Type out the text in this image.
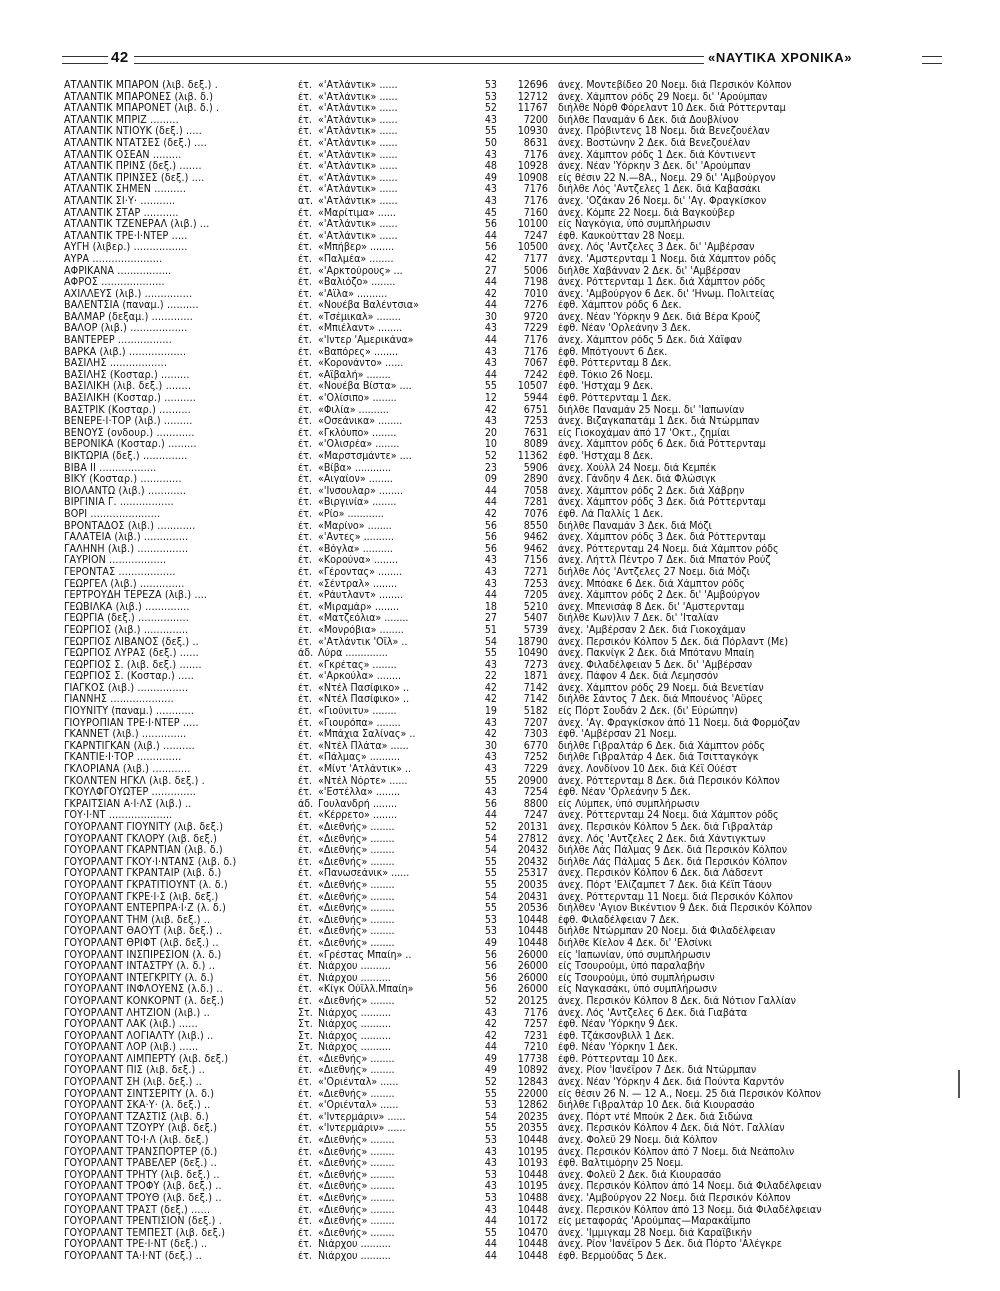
42	«ΝΑΥΤΙΚΑ ΧΡΟΝΙΚΑ»
ΑΤΛΑΝΤΙΚ ΜΠΑΡΟΝ (λιβ. δεξ.) .	έτ. «'Ατλάντικ» ......	53	12696 άνεχ. Μοντεβίδεο 20 Νοεμ. διά Περσικόν Κόλπον
ΑΤΛΑΝΤΙΚ ΜΠΑΡΟΝΕΣ (λιβ. δ.)	έτ. «'Ατλάντικ» ......	53	12712 άνεχ. Χάμπτον ρόδς 29 Νοεμ. δι' 'Αρούμπαν
ΑΤΛΑΝΤΙΚ ΜΠΑΡΟΝΕΤ (λιβ. δ.) .	έτ. «'Ατλάντικ» ......	52	11767 διήλθε Νόρθ Φόρελαντ 10 Δεκ. διά Ρόττερνταμ
ΑΤΛΑΝΤΙΚ ΜΠΡΙΖ .........	έτ. «'Ατλάντικ» ......	43	7200 διήλθε Παναμάν 6 Δεκ. διά Δουβλίνον
ΑΤΛΑΝΤΙΚ ΝΤΙΟΥΚ (δεξ.) .....	έτ. «'Ατλάντικ» ......	55	10930 άνεχ. Πρόβιντενς 18 Νοεμ. διά Βενεζουέλαν
ΑΤΛΑΝΤΙΚ ΝΤΑΤΣΕΣ (δεξ.) ....	έτ. «'Ατλάντικ» ......	50	8631 άνεχ. Βοστώνην 2 Δεκ. διά Βενεζουέλαν
ΑΤΛΑΝΤΙΚ ΟΣΕΑΝ .........	έτ. «'Ατλάντικ» ......	43	7176 άνεχ. Χάμπτον ρόδς 1 Δεκ. διά Κόντινεντ
ΑΤΛΑΝΤΙΚ ΠΡΙΝΣ (δεξ.) .......	έτ. «'Ατλάντικ» ......	48	10928 άνεχ. Νέαν 'Υόρκην 3 Δεκ. δι' 'Αρούμπαν
ΑΤΛΑΝΤΙΚ ΠΡΙΝΣΕΣ (δεξ.) ....	έτ. «'Ατλάντικ» ......	49	10908 είς θέσιν 22 Ν.—8Α., Νοεμ. 29 δι' 'Αμβούργον
ΑΤΛΑΝΤΙΚ ΣΗΜΕΝ ..........	έτ. «'Ατλάντικ» ......	43	7176 διήλθε Λός 'Αντζελες 1 Δεκ. διά Καβασάκι
ΑΤΛΑΝΤΙΚ ΣΙ·Υ· ...........	ατ. «'Ατλάντικ» ......	43	7176 άνεχ. 'Οζάκαν 26 Νοεμ. δι' 'Αγ. Φραγκίσκον
ΑΤΛΑΝΤΙΚ ΣΤΑΡ ...........	έτ. «Μαρίτιμα» ......	45	7160 άνεχ. Κόμπε 22 Νοεμ. διά Βαγκούβερ
ΑΤΛΑΝΤΙΚ ΤΖΕΝΕΡΑΛ (λιβ.) ...	έτ. «'Ατλάντικ» ......	56	10100 είς Ναγκόγια, ύπό συμπλήρωσιν
ΑΤΛΑΝΤΙΚ ΤΡΕ·Ι·ΝΤΕΡ .....	έτ. «'Ατλάντικ» ......	44	7247 έφθ. Καυκούτταν 28 Νοεμ.
ΑΥΓΗ (λιβερ.) .................	έτ. «Μπήβερ» ........	56	10500 άνεχ. Λός 'Αντζελες 3 Δεκ. δι' 'Αμβέρσαν
ΑΥΡΑ ......................	έτ. «Παλμέα» ........	42	7177 άνεχ. 'Αμστερνταμ 1 Νοεμ. διά Χάμπτον ρόδς
ΑΦΡΙΚΑΝΑ .................	έτ. «'Αρκτούρους» ...	27	5006 διήλθε Χαβάνναν 2 Δεκ. δι' 'Αμβέρσαν
ΑΦΡΟΣ ....................	έτ. «Βαλιόζο» ........	44	7198 άνεχ. Ρόττερνταμ 1 Δεκ. διά Χάμπτον ρόδς
ΑΧΙΛΛΕΥΣ (λιβ.) ...............	έτ. «'Αϊλα» ..........	42	7010 άνεχ. 'Αμβούργον 6 Δεκ. δι' 'Ηνωμ. Πολιτείας
ΒΑΛΕΝΤΣΙΑ (παναμ.) ..........	έτ. «Νουέβα Βαλέντσια»	44	7276 έφθ. Χάμπτον ρόδς 6 Δεκ.
ΒΑΛΜΑΡ (δεξαμ.) .............	έτ. «Τσέμικαλ» ........	30	9720 άνεχ. Νέαν 'Υόρκην 9 Δεκ. διά Βέρα Κρούζ
ΒΑΛΟΡ (λιβ.) ..................	έτ. «Μπιέλαντ» ........	43	7229 έφθ. Νέαν 'Ορλεάνην 3 Δεκ.
ΒΑΝΤΕΡΕΡ .................	έτ. «'Ιντερ 'Αμερικάνα»	44	7176 άνεχ. Χάμπτον ρόδς 5 Δεκ. διά Χάϊφαν
ΒΑΡΚΑ (λιβ.) ..................	έτ. «Βαπόρες» ........	43	7176 έφθ. Μπότγουντ 6 Δεκ.
ΒΑΣΙΛΗΣ ..................	έτ. «Κορονάντο» ......	43	7067 έφθ. Ρόττερνταμ 8 Δεκ.
ΒΑΣΙΛΗΣ (Κοσταρ.) .........	έτ. «Αϊβαλή» ........	44	7242 έφθ. Τόκιο 26 Νοεμ.
ΒΑΣΙΛΙΚΗ (λιβ. δεξ.) ........	έτ. «Νουέβα Βίστα» ....	55	10507 έφθ. 'Ηστχαμ 9 Δεκ.
ΒΑΣΙΛΙΚΗ (Κοσταρ.) ..........	έτ. «'Ολίσιπο» ........	12	5944 έφθ. Ρόττερνταμ 1 Δεκ.
ΒΑΣΤΡΙΚ (Κοσταρ.) ..........	έτ. «Φιλία» ..........	42	6751 διήλθε Παναμάν 25 Νοεμ. δι' 'Ιαπωνίαν
ΒΕΝΕΡΕ·Ι·ΤΟΡ (λιβ.) .........	έτ. «Οσεάνικα» ........	43	7253 άνεχ. Βιζαγκαπατάμ 1 Δεκ. διά Ντώρμπαν
ΒΕΝΟΥΣ (ονδουρ.) ............	έτ. «Γκλόυπο» ........	20	7631 είς Γιοκοχάμαν άπό 17 'Οκτ., ζημίαι
ΒΕΡΟΝΙΚΑ (Κοσταρ.) .........	έτ. «'Ολισρέα» ........	10	8089 άνεχ. Χάμπτον ρόδς 6 Δεκ. διά Ρόττερνταμ
ΒΙΚΤΩΡΙΑ (δεξ.) ..............	έτ. «Μαρστσμάντε» ....	52	11362 έφθ. 'Ηστχαμ 8 Δεκ.
ΒΙΒΑ ΙΙ ..................	έτ. «Βίβα» ............	23	5906 άνεχ. Χούλλ 24 Νοεμ. διά Κεμπέκ
ΒΙΚΥ (Κοσταρ.) .............	έτ. «Αιγαίον» ........	09	2890 άνεχ. Γάνδην 4 Δεκ. διά Φλώσιγκ
ΒΙΟΛΑΝΤΩ (λιβ.) ............	έτ. «'Ινσουλαρ» ........	44	7058 άνεχ. Χάμπτον ρόδς 2 Δεκ. διά Χάβρην
ΒΙΡΓΙΝΙΑ Γ. .................	έτ. «Βιργινία» ........	44	7281 άνεχ. Χάμπτον ρόδς 3 Δεκ. διά Ρόττερνταμ
ΒΟΡΙ ......................	έτ. «Ρίο» ............	42	7076 έφθ. Λά Παλλίς 1 Δεκ.
ΒΡΟΝΤΑΔΟΣ (λιβ.) ............	έτ. «Μαρίνο» ........	56	8550 διήλθε Παναμάν 3 Δεκ. διά Μόζι
ΓΑΛΑΤΕΙΑ (λιβ.) ..............	έτ. «'Αντες» ..........	56	9462 άνεχ. Χάμπτον ρόδς 3 Δεκ. διά Ρόττερνταμ
ΓΑΛΗΝΗ (λιβ.) ................	έτ. «Βόγλα» ..........	56	9462 άνεχ. Ρόττερνταμ 24 Νοεμ. διά Χάμπτον ρόδς
ΓΑΥΡΙΟΝ ..................	έτ. «Κορούνα» ........	43	7156 άνεχ. Λήττλ Πέντρο 7 Δεκ. διά Μπατόν Ρούζ
ΓΕΡΟΝΤΑΣ ..................	έτ. «Γέροντας» ........	43	7271 διήλθε Λός 'Αντζελες 27 Νοεμ. διά Μόζι
ΓΕΩΡΓΕΛ (λιβ.) ..............	έτ. «Σέντραλ» ........	43	7253 άνεχ. Μπόακε 6 Δεκ. διά Χάμπτον ρόδς
ΓΕΡΤΡΟΥΔΗ ΤΕΡΕΖΑ (λιβ.) ....	έτ. «Ράυτλαντ» ........	44	7205 άνεχ. Χάμπτον ρόδς 2 Δεκ. δι' 'Αμβούργον
ΓΕΩΒΙΛΚΑ (λιβ.) ..............	έτ. «Μιραμάρ» ........	18	5210 άνεχ. Μπενισάφ 8 Δεκ. δι' 'Αμστερνταμ
ΓΕΩΡΓΙΑ (δεξ.) ................	έτ. «Ματζεόλια» ........	27	5407 διήλθε Κων)λιν 7 Δεκ. δι' 'Ιταλίαν
ΓΕΩΡΓΙΟΣ (λιβ.) ..............	έτ. «Μονρόβια» ........	51	5739 άνεχ. 'Αμβέρσαν 2 Δεκ. διά Γιοκοχάμαν
ΓΕΩΡΓΙΟΣ ΛΙΒΑΝΟΣ (δεξ.) ..	έτ. «'Ατλάντικ 'Οϊλ» ..	54	18790 άνεχ. Περσικόν Κόλπον 5 Δεκ. διά Πόρλαντ (Με)
ΓΕΩΡΓΙΟΣ ΛΥΡΑΣ (δεξ.) ......	άδ. Λύρα ..............	55	10490 άνεχ. Πακνίγκ 2 Δεκ. διά Μπότανυ Μπαίη
ΓΕΩΡΓΙΟΣ Σ. (λιβ. δεξ.) .......	έτ. «Γκρέτας» ........	43	7273 άνεχ. Φιλαδέλφειαν 5 Δεκ. δι' 'Αμβέρσαν
ΓΕΩΡΓΙΟΣ Σ. (Κοσταρ.) .....	έτ. «'Αρκούλα» ........	22	1871 άνεχ. Πάφον 4 Δεκ. διά Λεμησσόν
ΓΙΑΓΚΟΣ (λιβ.) ................	έτ. «Ντέλ Πασίφικο» ..	42	7142 άνεχ. Χάμπτον ρόδς 29 Νοεμ. διά Βενετίαν
ΓΙΑΝΝΗΣ ....................	έτ. «Ντέλ Πασίφικο» ..	42	7142 διήλθε Σάντος 7 Δεκ. διά Μπουένος 'Αϋρες
ΓΙΟΥΝΙΤΥ (παναμ.) ............	έτ. «Γιούνιτυ» ........	19	5182 είς Πόρτ Σουδάν 2 Δεκ. (δι' Εύρώπην)
ΓΙΟΥΡΟΠΙΑΝ ΤΡΕ·Ι·ΝΤΕΡ .....	έτ. «Γιουρόπα» ........	43	7207 άνεχ. 'Αγ. Φραγκίσκον άπό 11 Νοεμ. διά Φορμόζαν
ΓΚΑΝΝΕΤ (λιβ.) ..............	έτ. «Μπάχια Σαλίνας» ..	42	7303 έφθ. 'Αμβέρσαν 21 Νοεμ.
ΓΚΑΡΝΤΙΓΚΑΝ (λιβ.) ..........	έτ. «Ντέλ Πλάτα» ......	30	6770 διήλθε Γιβραλτάρ 6 Δεκ. διά Χάμπτον ρόδς
ΓΚΑΝΤΙΕ·Ι·ΤΟΡ ..............	έτ. «Πάλμας» ..........	43	7252 διήλθε Γιβραλτάρ 4 Δεκ. διά Τσιτταγκόγκ
ΓΚΛΟΡΙΑΝΑ (λιβ.) ............	έτ. «Μίντ 'Ατλάντικ» ..	43	7229 άνεχ. Λονδίνον 10 Δεκ. διά Κέϊ Ούέστ
ΓΚΟΛΝΤΕΝ ΗΓΚΛ (λιβ. δεξ.) .	έτ. «Ντέλ Νόρτε» ......	55	20900 άνεχ. Ρόττερνταμ 8 Δεκ. διά Περσικόν Κόλπον
ΓΚΟΥΛΦΓΟΥΩΤΕΡ ..............	έτ. «'Εστέλλα» ........	43	7254 έφθ. Νέαν 'Ορλεάνην 5 Δεκ.
ΓΚΡΑΙΤΣΙΑΝ Α·Ι·ΛΣ (λιβ.) ..	άδ. Γουλανδρή ........	56	8800 είς Λύμπεκ, ύπό συμπλήρωσιν
ΓΟΥ·Ι·ΝΤ ....................	έτ. «Κέρρετο» ........	44	7247 άνεχ. Ρόττερνταμ 24 Νοεμ. διά Χάμπτον ρόδς
ΓΟΥΟΡΛΑΝΤ ΓΙΟΥΝΙΤΥ (λιβ. δεξ.)	έτ. «Διεθνής» ........	52	20131 άνεχ. Περσικόν Κόλπον 5 Δεκ. διά Γιβραλτάρ
ΓΟΥΟΡΛΑΝΤ ΓΚΛΟΡΥ (λιβ. δεξ.)	έτ. «Διεθνής» ........	54	27812 άνεχ. Λός 'Αντζελες 2 Δεκ. διά Χάντιγκτων
ΓΟΥΟΡΛΑΝΤ ΓΚΑΡΝΤΙΑΝ (λιβ. δ.)	έτ. «Διεθνής» ........	54	20432 διήλθε Λάς Πάλμας 9 Δεκ. διά Περσικόν Κόλπον
ΓΟΥΟΡΛΑΝΤ ΓΚΟΥ·Ι·ΝΤΑΝΣ (λιβ. δ.)	έτ. «Διεθνής» ........	55	20432 διήλθε Λάς Πάλμας 5 Δεκ. διά Περσικόν Κόλπον
ΓΟΥΟΡΛΑΝΤ ΓΚΡΑΝΤΑΙΡ (λιβ. δ.)	έτ. «Πανωσεάνικ» ......	55	25317 άνεχ. Περσικόν Κόλπον 6 Δεκ. διά Λάδσεντ
ΓΟΥΟΡΛΑΝΤ ΓΚΡΑΤΙΤΙΟΥΝΤ (λ. δ.)	έτ. «Διεθνής» ........	55	20035 άνεχ. Πόρτ 'Ελίζαμπετ 7 Δεκ. διά Κέϊπ Τάουν
ΓΟΥΟΡΛΑΝΤ ΓΚΡΕ·Ι·Σ (λιβ. δεξ.)	έτ. «Διεθνής» ........	54	20431 άνεχ. Ρόττερνταμ 11 Νοεμ. διά Περσικόν Κόλπον
ΓΟΥΟΡΛΑΝΤ ΕΝΤΕΡΠΡΑ·Ι·Ζ (λ. δ.)	έτ. «Διεθνής» ........	55	20536 διήλθεν 'Αγιον Βικέντιον 9 Δεκ. διά Περσικόν Κόλπον
ΓΟΥΟΡΛΑΝΤ ΤΗΜ (λιβ. δεξ.) ..	έτ. «Διεθνής» ........	53	10448 έφθ. Φιλαδέλφειαν 7 Δεκ.
ΓΟΥΟΡΛΑΝΤ ΘΑΟΥΤ (λιβ. δεξ.) ..	έτ. «Διεθνής» ........	53	10448 διήλθε Ντώρμπαν 20 Νοεμ. διά Φιλαδέλφειαν
ΓΟΥΟΡΛΑΝΤ ΘΡΙΦΤ (λιβ. δεξ.) ..	έτ. «Διεθνής» ........	49	10448 διήλθε Κίελον 4 Δεκ. δι' 'Ελσίνκι
ΓΟΥΟΡΛΑΝΤ ΙΝΣΠΙΡΕΣΙΟΝ (λ. δ.)	έτ. «Γρέστας Μπαίη» ..	56	26000 είς 'Ιαπωνίαν, ύπό συμπλήρωσιν
ΓΟΥΟΡΛΑΝΤ ΙΝΤΑΣΤΡΥ (λ. δ.) ..	έτ. Νιάρχου ..........	56	26000 είς Τσουρούμι, ύπό παραλαβήν
ΓΟΥΟΡΛΑΝΤ ΙΝΤΕΓΚΡΙΤΥ (λ. δ.)	έτ. Νιάρχου ..........	56	26000 είς Τσουρούμι, ύπό συμπλήρωσιν
ΓΟΥΟΡΛΑΝΤ ΙΝΦΛΟΥΕΝΣ (λ.δ.) ..	έτ. «Κίγκ Ούϊλλ.Μπαίη»	56	26000 είς Ναγκασάκι, ύπό συμπλήρωσιν
ΓΟΥΟΡΛΑΝΤ ΚΟΝΚΟΡΝΤ (λ. δεξ.)	έτ. «Διεθνής» ........	52	20125 άνεχ. Περσικόν Κόλπον 8 Δεκ. διά Νότιον Γαλλίαν
ΓΟΥΟΡΛΑΝΤ ΛΗΤΖΙΟΝ (λιβ.) ..	Στ. Νιάρχος ..........	43	7176 άνεχ. Λός 'Αντζελες 6 Δεκ. διά Γιαβάτα
ΓΟΥΟΡΛΑΝΤ ΛΑΚ (λιβ.) ......	Στ. Νιάρχος ..........	42	7257 έφθ. Νέαν 'Υόρκην 9 Δεκ.
ΓΟΥΟΡΛΑΝΤ ΛΟΓΙΑΛΤΥ (λιβ.) ..	Στ. Νιάρχος ..........	42	7231 έφθ. Τζάκσονβιλλ 1 Δεκ.
ΓΟΥΟΡΛΑΝΤ ΛΟΡ (λιβ.) ......	Στ. Νιάρχος ..........	44	7210 έφθ. Νέαν 'Υόρκην 1 Δεκ.
ΓΟΥΟΡΛΑΝΤ ΛΙΜΠΕΡΤΥ (λιβ. δεξ.)	έτ. «Διεθνής» ........	49	17738 έφθ. Ρόττερνταμ 10 Δεκ.
ΓΟΥΟΡΛΑΝΤ ΠΙΣ (λιβ. δεξ.) ..	έτ. «Διεθνής» ........	49	10892 άνεχ. Ρίον 'Ιανέϊρον 7 Δεκ. διά Ντώρμπαν
ΓΟΥΟΡΛΑΝΤ ΣΗ (λιβ. δεξ.) ..	έτ. «'Οριένταλ» ......	52	12843 άνεχ. Νέαν 'Υόρκην 4 Δεκ. διά Πούντα Καρντόν
ΓΟΥΟΡΛΑΝΤ ΣΙΝΤΣΕΡΙΤΥ (λ. δ.)	έτ. «Διεθνής» ........	55	22000 είς θέσιν 26 Ν. — 12 Α., Νοεμ. 25 διά Περσικόν Κόλπον
ΓΟΥΟΡΛΑΝΤ ΣΚΑ·Υ· (λ. δεξ.) ..	έτ. «'Οριένταλ» ......	53	12862 διήλθε Γιβραλτάρ 10 Δεκ. διά Κιουρασάο
ΓΟΥΟΡΛΑΝΤ ΤΖΑΣΤΙΣ (λιβ. δ.)	έτ. «'Ιντερμάριν» ......	54	20235 άνεχ. Πόρτ ντέ Μπούκ 2 Δεκ. διά Σιδώνα
ΓΟΥΟΡΛΑΝΤ ΤΖΟΥΡΥ (λιβ. δεξ.)	έτ. «'Ιντερμάριν» ......	55	20355 άνεχ. Περσικόν Κόλπον 4 Δεκ. διά Νότ. Γαλλίαν
ΓΟΥΟΡΛΑΝΤ ΤΟ·Ι·Λ (λιβ. δεξ.)	έτ. «Διεθνής» ........	53	10448 άνεχ. Φολεϋ 29 Νοεμ. διά Κόλπον
ΓΟΥΟΡΛΑΝΤ ΤΡΑΝΣΠΟΡΤΕΡ (δ.)	έτ. «Διεθνής» ........	43	10195 άνεχ. Περσικόν Κόλπον άπό 7 Νοεμ. διά Νεάπολιν
ΓΟΥΟΡΛΑΝΤ ΤΡΑΒΕΛΕΡ (δεξ.) ..	έτ. «Διεθνής» ........	43	10193 έφθ. Βαλτιμόρην 25 Νοεμ.
ΓΟΥΟΡΛΑΝΤ ΤΡΗΤΥ (λιβ. δεξ.) ..	έτ. «Διεθνής» ........	53	10448 άνεχ. Φολεϋ 2 Δεκ. διά Κιουρασάο
ΓΟΥΟΡΛΑΝΤ ΤΡΟΦΥ (λιβ. δεξ.) ..	έτ. «Διεθνής» ........	43	10195 άνεχ. Περσικόν Κόλπον άπό 14 Νοεμ. διά Φιλαδέλφειαν
ΓΟΥΟΡΛΑΝΤ ΤΡΟΥΘ (λιβ. δεξ.) ..	έτ. «Διεθνής» ........	53	10488 άνεχ. 'Αμβούργον 22 Νοεμ. διά Περσικόν Κόλπον
ΓΟΥΟΡΛΑΝΤ ΤΡΑΣΤ (δεξ.) ......	έτ. «Διεθνής» ........	43	10448 άνεχ. Περσικόν Κόλπον άπό 13 Νοεμ. διά Φιλαδέλφειαν
ΓΟΥΟΡΛΑΝΤ ΤΡΕΝΤΙΣΙΟΝ (δεξ.) .	έτ. «Διεθνής» ........	44	10172 είς μεταφοράς 'Αρούμπας—Μαρακάϊμπο
ΓΟΥΟΡΛΑΝΤ ΤΕΜΠΕΣΤ (λιβ. δεξ.)	έτ. «Διεθνής» ........	55	10470 άνεχ. 'Ιμμιγκαμ 28 Νοεμ. διά Καραϊβικήν
ΓΟΥΟΡΛΑΝΤ ΤΡΕ·Ι·ΝΤ (δεξ.) ..	έτ. Νιάρχου ..........	44	10448 άνεχ. Ρίον 'Ιανέϊρον 5 Δεκ. διά Πόρτο 'Αλέγκρε
ΓΟΥΟΡΛΑΝΤ ΤΑ·Ι·ΝΤ (δεξ.) ..	έτ. Νιάρχου ..........	44	10448 έφθ. Βερμούδας 5 Δεκ.
